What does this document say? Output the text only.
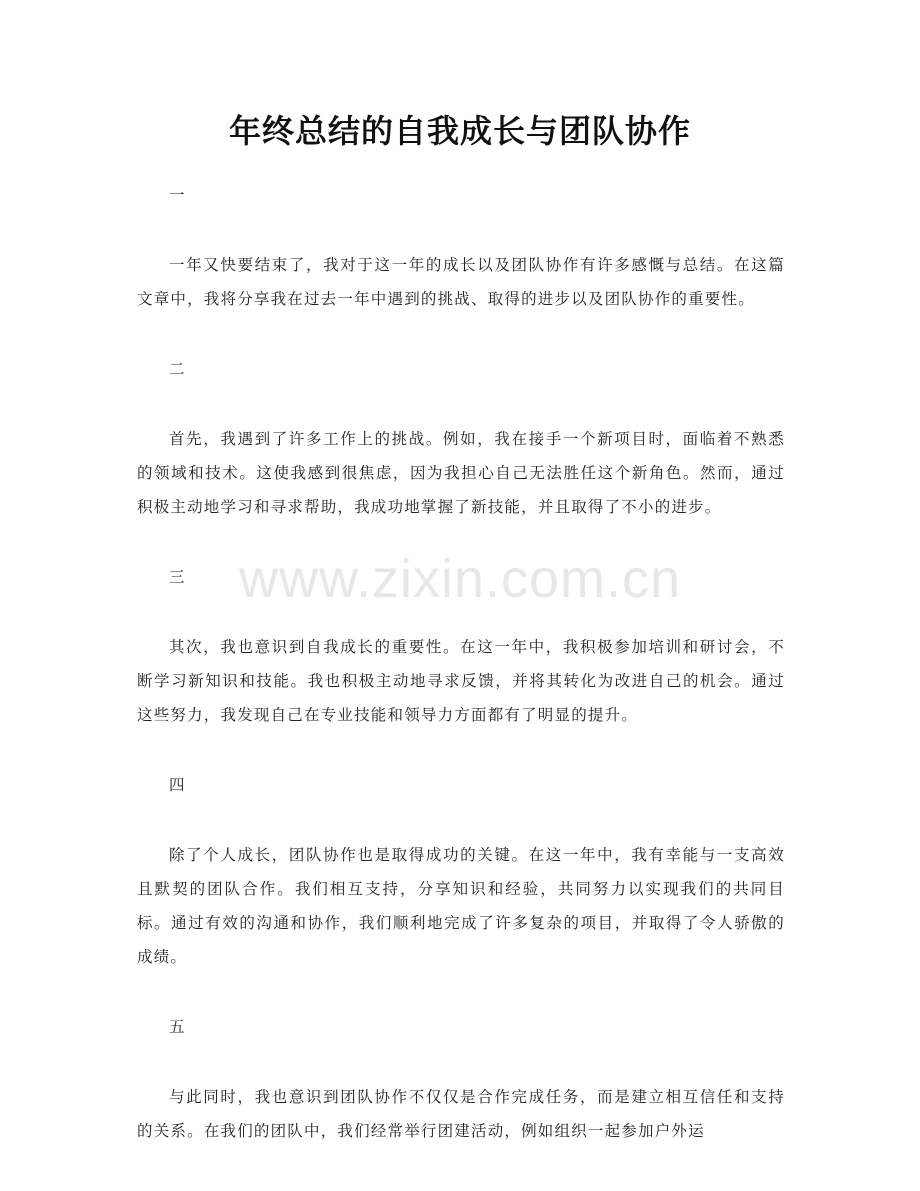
年终总结的自我成长与团队协作
www.zixin.com.cn

一

一年又快要结束了，我对于这一年的成长以及团队协作有许多感慨与总结。在这篇文章中，我将分享我在过去一年中遇到的挑战、取得的进步以及团队协作的重要性。

二

首先，我遇到了许多工作上的挑战。例如，我在接手一个新项目时，面临着不熟悉的领域和技术。这使我感到很焦虑，因为我担心自己无法胜任这个新角色。然而，通过积极主动地学习和寻求帮助，我成功地掌握了新技能，并且取得了不小的进步。

三

其次，我也意识到自我成长的重要性。在这一年中，我积极参加培训和研讨会，不断学习新知识和技能。我也积极主动地寻求反馈，并将其转化为改进自己的机会。通过这些努力，我发现自己在专业技能和领导力方面都有了明显的提升。

四

除了个人成长，团队协作也是取得成功的关键。在这一年中，我有幸能与一支高效且默契的团队合作。我们相互支持，分享知识和经验，共同努力以实现我们的共同目标。通过有效的沟通和协作，我们顺利地完成了许多复杂的项目，并取得了令人骄傲的成绩。

五

与此同时，我也意识到团队协作不仅仅是合作完成任务，而是建立相互信任和支持的关系。在我们的团队中，我们经常举行团建活动，例如组织一起参加户外运
